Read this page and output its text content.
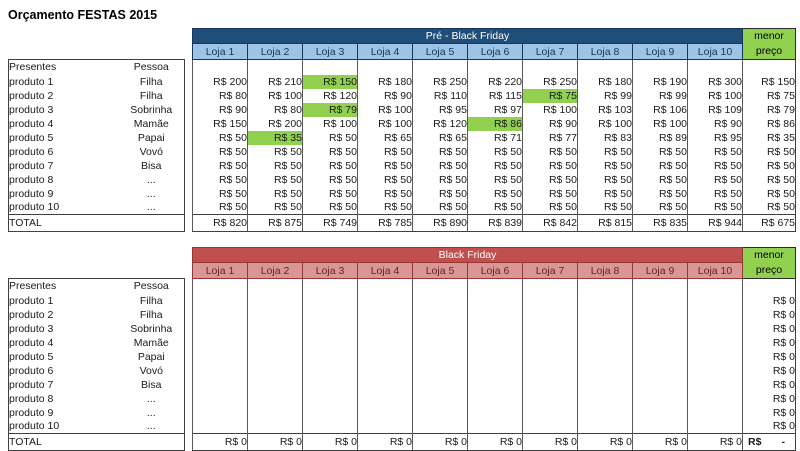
Orçamento FESTAS 2015
			Pré - Black Friday										menor
			Loja 1	Loja 2	Loja 3	Loja 4	Loja 5	Loja 6	Loja 7	Loja 8	Loja 9	Loja 10	preço
Presentes	Pessoa												
produto 1	Filha		R$ 200	R$ 210	R$ 150	R$ 180	R$ 250	R$ 220	R$ 250	R$ 180	R$ 190	R$ 300	R$ 150
produto 2	Filha		R$ 80	R$ 100	R$ 120	R$ 90	R$ 110	R$ 115	R$ 75	R$ 99	R$ 99	R$ 100	R$ 75
produto 3	Sobrinha		R$ 90	R$ 80	R$ 79	R$ 100	R$ 95	R$ 97	R$ 100	R$ 103	R$ 106	R$ 109	R$ 79
produto 4	Mamãe		R$ 150	R$ 200	R$ 100	R$ 100	R$ 120	R$ 86	R$ 90	R$ 100	R$ 100	R$ 90	R$ 86
produto 5	Papai		R$ 50	R$ 35	R$ 50	R$ 65	R$ 65	R$ 71	R$ 77	R$ 83	R$ 89	R$ 95	R$ 35
produto 6	Vovó		R$ 50	R$ 50	R$ 50	R$ 50	R$ 50	R$ 50	R$ 50	R$ 50	R$ 50	R$ 50	R$ 50
produto 7	Bisa		R$ 50	R$ 50	R$ 50	R$ 50	R$ 50	R$ 50	R$ 50	R$ 50	R$ 50	R$ 50	R$ 50
produto 8	...		R$ 50	R$ 50	R$ 50	R$ 50	R$ 50	R$ 50	R$ 50	R$ 50	R$ 50	R$ 50	R$ 50
produto 9	...		R$ 50	R$ 50	R$ 50	R$ 50	R$ 50	R$ 50	R$ 50	R$ 50	R$ 50	R$ 50	R$ 50
produto 10	...		R$ 50	R$ 50	R$ 50	R$ 50	R$ 50	R$ 50	R$ 50	R$ 50	R$ 50	R$ 50	R$ 50
TOTAL			R$ 820	R$ 875	R$ 749	R$ 785	R$ 890	R$ 839	R$ 842	R$ 815	R$ 835	R$ 944	R$ 675
			Black Friday										menor
			Loja 1	Loja 2	Loja 3	Loja 4	Loja 5	Loja 6	Loja 7	Loja 8	Loja 9	Loja 10	preço
Presentes	Pessoa												
produto 1	Filha												R$ 0
produto 2	Filha												R$ 0
produto 3	Sobrinha												R$ 0
produto 4	Mamãe												R$ 0
produto 5	Papai												R$ 0
produto 6	Vovó												R$ 0
produto 7	Bisa												R$ 0
produto 8	...												R$ 0
produto 9	...												R$ 0
produto 10	...												R$ 0
TOTAL			R$ 0	R$ 0	R$ 0	R$ 0	R$ 0	R$ 0	R$ 0	R$ 0	R$ 0	R$ 0	R$ -
